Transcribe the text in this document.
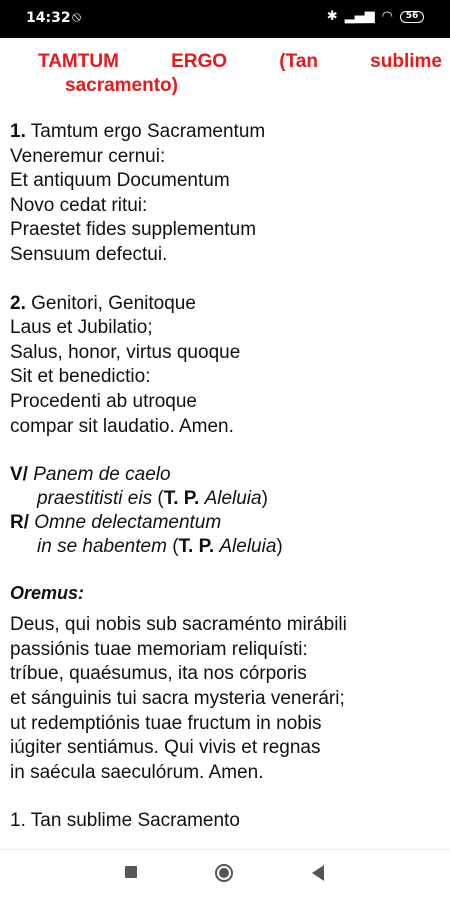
14:32 ⦸	✱ ▂▄▆ ◠	56
TAMTUM	ERGO	(Tan	sublime
sacramento)

1. Tamtum ergo Sacramentum
Veneremur cernui:
Et antiquum Documentum
Novo cedat ritui:
Praestet fides supplementum
Sensuum defectui.

2. Genitori, Genitoque
Laus et Jubilatio;
Salus, honor, virtus quoque
Sit et benedictio:
Procedenti ab utroque
compar sit laudatio. Amen.

V/ Panem de caelo
praestitisti eis (T. P. Aleluia)
R/ Omne delectamentum
in se habentem (T. P. Aleluia)
Oremus:

Deus, qui nobis sub sacraménto mirábili
passiónis tuae memoriam reliquísti:
tríbue, quaésumus, ita nos córporis
et sánguinis tui sacra mysteria venerári;
ut redemptiónis tuae fructum in nobis
iúgiter sentiámus. Qui vivis et regnas
in saécula saeculórum. Amen.

1. Tan sublime Sacramento
